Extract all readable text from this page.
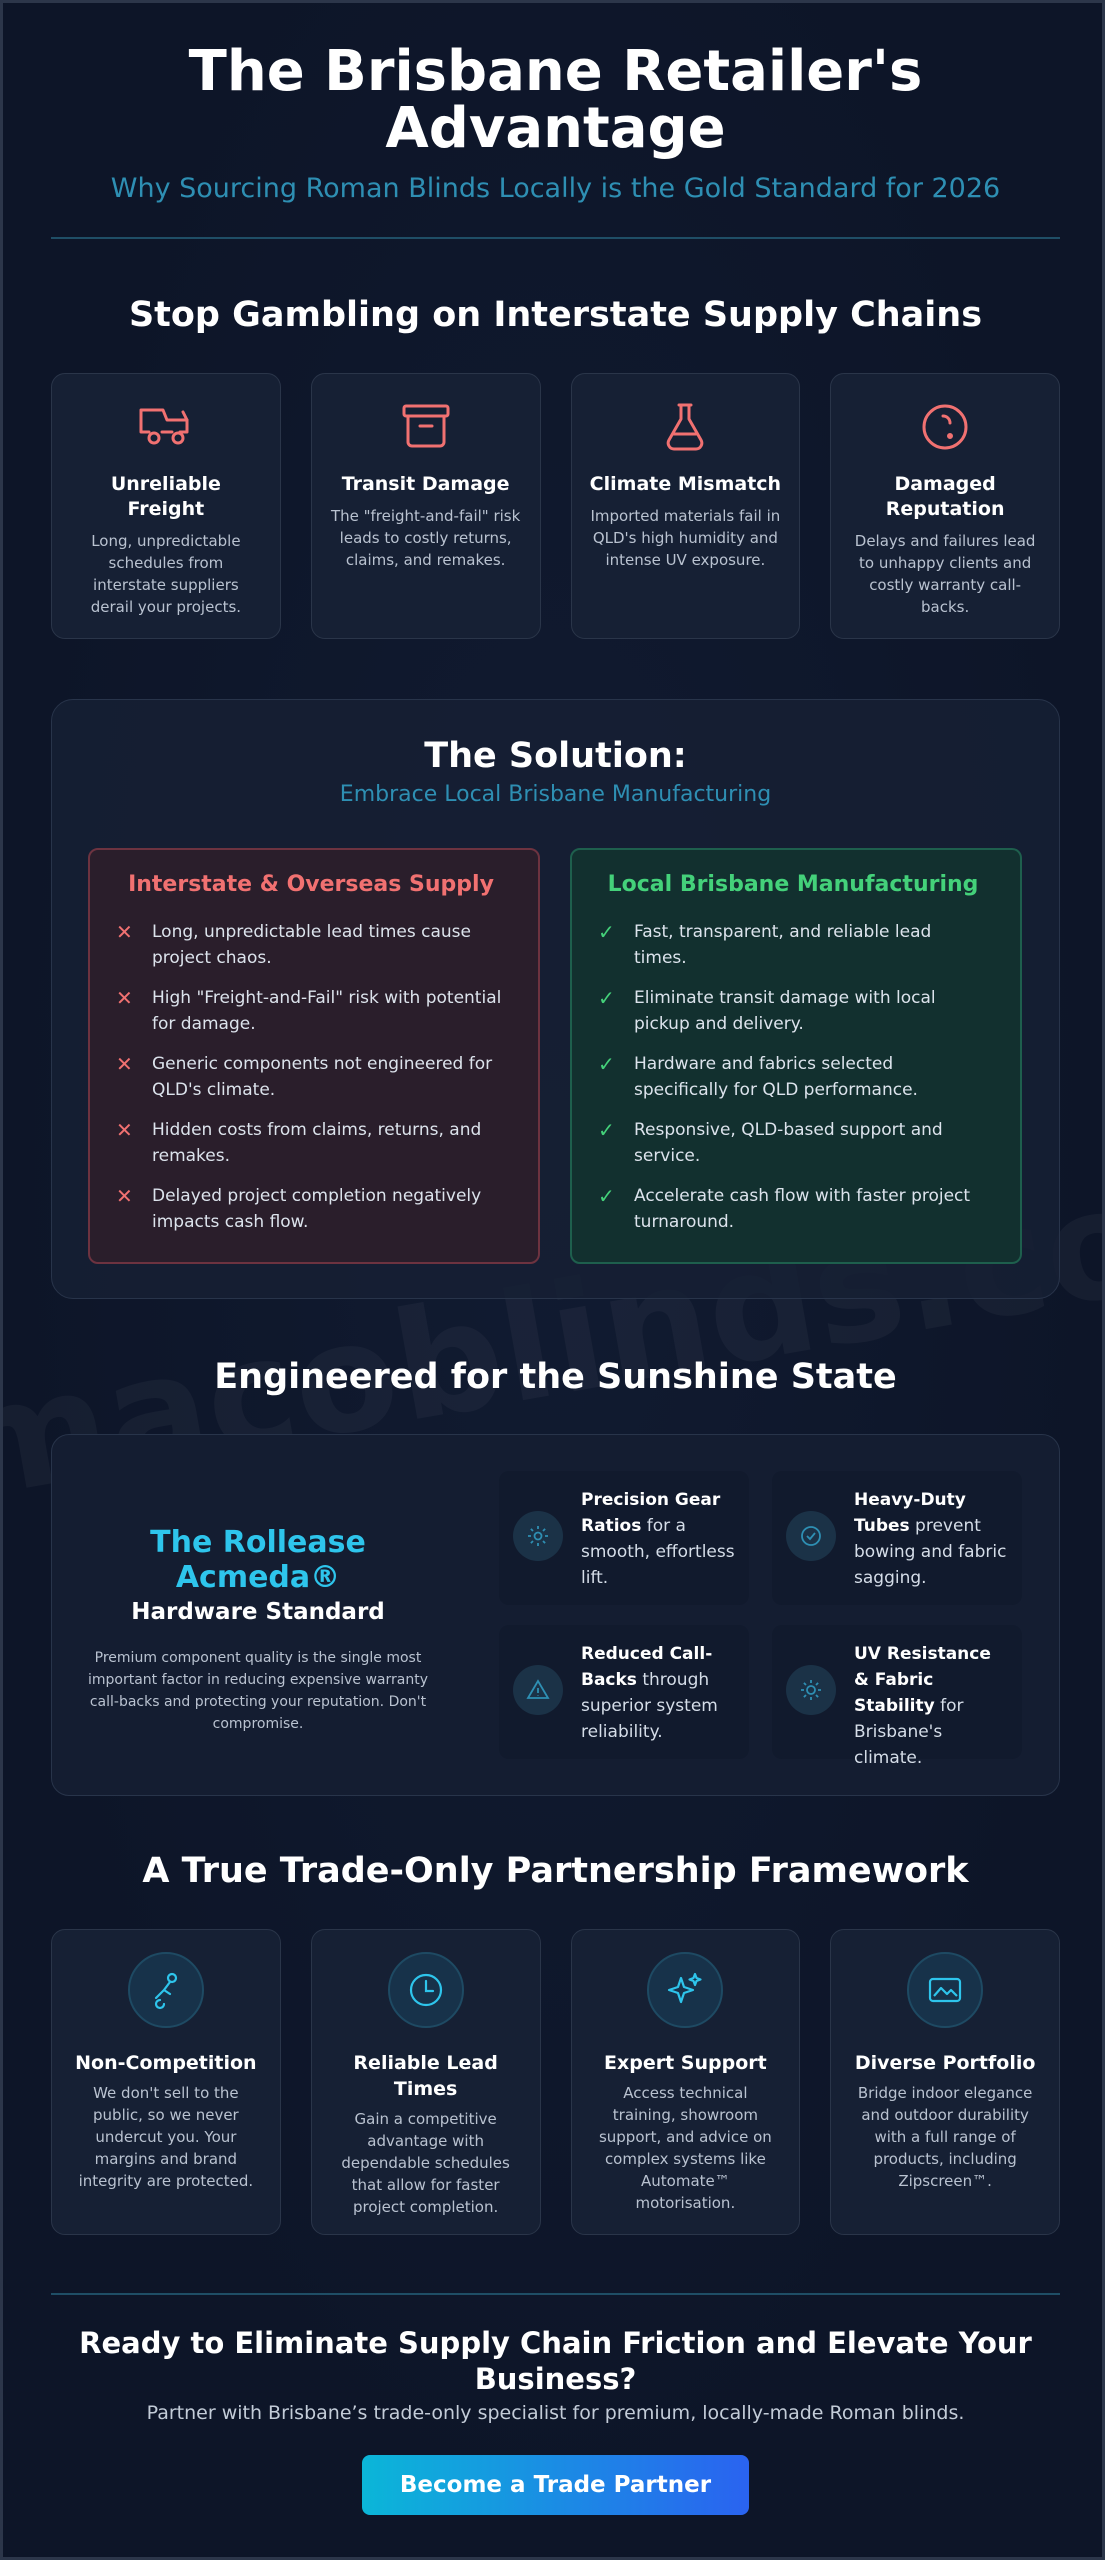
The Brisbane Retailer's Advantage
Why Sourcing Roman Blinds Locally is the Gold Standard for 2026
Stop Gambling on Interstate Supply Chains
Unreliable Freight

Long, unpredictable schedules from interstate suppliers derail your projects.

Transit Damage

The "freight-and-fail" risk leads to costly returns, claims, and remakes.

Climate Mismatch

Imported materials fail in QLD's high humidity and intense UV exposure.

Damaged Reputation

Delays and failures lead to unhappy clients and costly warranty call-backs.

The Solution:
Embrace Local Brisbane Manufacturing
Interstate & Overseas Supply
✕ Long, unpredictable lead times cause project chaos.
✕ High "Freight-and-Fail" risk with potential for damage.
✕ Generic components not engineered for QLD's climate.
✕ Hidden costs from claims, returns, and remakes.
✕ Delayed project completion negatively impacts cash flow.
Local Brisbane Manufacturing
✓ Fast, transparent, and reliable lead times.
✓ Eliminate transit damage with local pickup and delivery.
✓ Hardware and fabrics selected specifically for QLD performance.
✓ Responsive, QLD-based support and service.
✓ Accelerate cash flow with faster project turnaround.
Engineered for the Sunshine State
The Rollease Acmeda®
Hardware Standard

Premium component quality is the single most important factor in reducing expensive warranty call-backs and protecting your reputation. Don't compromise.

Precision Gear Ratios for a smooth, effortless lift.
Heavy-Duty Tubes prevent bowing and fabric sagging.
Reduced Call-Backs through superior system reliability.
UV Resistance & Fabric Stability for Brisbane's climate.
A True Trade-Only Partnership Framework
Non-Competition

We don't sell to the public, so we never undercut you. Your margins and brand integrity are protected.

Reliable Lead Times

Gain a competitive advantage with dependable schedules that allow for faster project completion.

Expert Support

Access technical training, showroom support, and advice on complex systems like Automate™ motorisation.

Diverse Portfolio

Bridge indoor elegance and outdoor durability with a full range of products, including Zipscreen™.

Ready to Eliminate Supply Chain Friction and Elevate Your Business?
Partner with Brisbane’s trade-only specialist for premium, locally-made Roman blinds.
Become a Trade Partner
